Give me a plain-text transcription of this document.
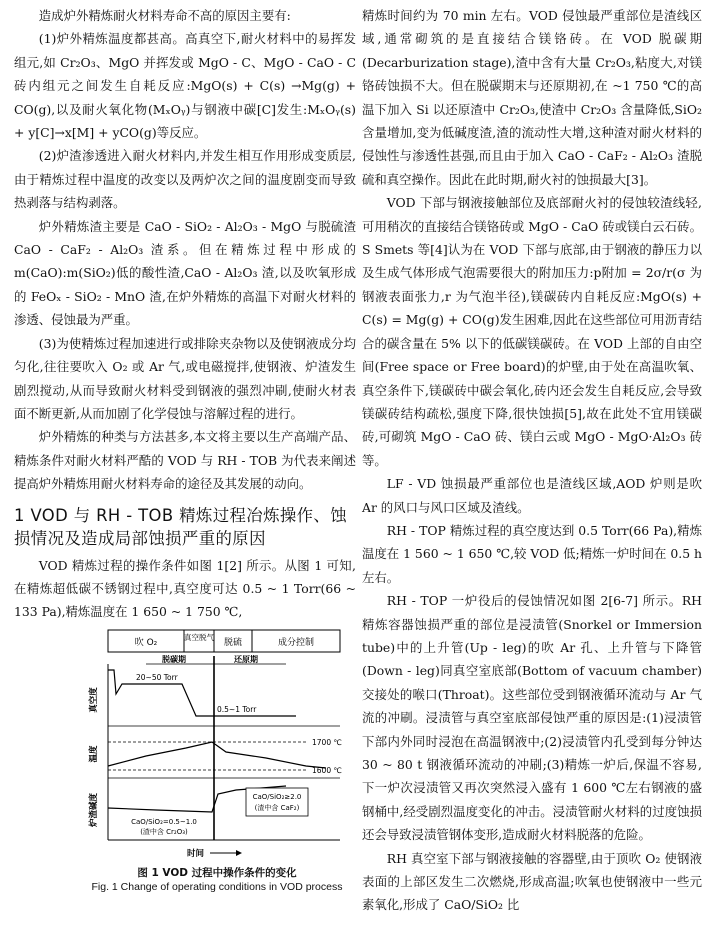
造成炉外精炼耐火材料寿命不高的原因主要有:

(1)炉外精炼温度都甚高。高真空下,耐火材料中的易挥发组元,如 Cr₂O₃、MgO 并挥发或 MgO - C、MgO - CaO - C 砖内组元之间发生自耗反应:MgO(s) + C(s) →Mg(g) + CO(g),以及耐火氧化物(MₓOᵧ)与钢液中碳[C]发生:MₓOᵧ(s) + y[C]→x[M] + yCO(g)等反应。

(2)炉渣渗透进入耐火材料内,并发生相互作用形成变质层,由于精炼过程中温度的改变以及两炉次之间的温度剧变而导致热剥落与结构剥落。

炉外精炼渣主要是 CaO - SiO₂ - Al₂O₃ - MgO 与脱硫渣 CaO - CaF₂ - Al₂O₃ 渣系。但在精炼过程中形成的 m(CaO):m(SiO₂)低的酸性渣,CaO - Al₂O₃ 渣,以及吹氧形成的 FeOₓ - SiO₂ - MnO 渣,在炉外精炼的高温下对耐火材料的渗透、侵蚀最为严重。

(3)为使精炼过程加速进行或排除夹杂物以及使钢液成分均匀化,往往要吹入 O₂ 或 Ar 气,或电磁搅拌,使钢液、炉渣发生剧烈搅动,从而导致耐火材料受到钢液的强烈冲刷,使耐火材表面不断更新,从而加剧了化学侵蚀与溶解过程的进行。

炉外精炼的种类与方法甚多,本文将主要以生产高端产品、精炼条件对耐火材料严酷的 VOD 与 RH - TOB 为代表来阐述提高炉外精炼用耐火材料寿命的途径及其发展的动向。

1 VOD 与 RH - TOB 精炼过程冶炼操作、蚀损情况及造成局部蚀损严重的原因

VOD 精炼过程的操作条件如图 1[2] 所示。从图 1 可知,在精炼超低碳不锈钢过程中,真空度可达 0.5 ~ 1 Torr(66 ~ 133 Pa),精炼温度在 1 650 ~ 1 750 ℃,

吹 O₂
真空脱气
脱硫	成分控制
脱碳期	还原期
真空度
温度
炉渣碱度
20~50 Torr
0.5~1 Torr
1700 ℃
1600 ℃
CaO/SiO₂=0.5~1.0
(渣中含 Cr₂O₃)
CaO/SiO₂≥2.0
(渣中含 CaF₂)
时间
图 1 VOD 过程中操作条件的变化
Fig. 1 Change of operating conditions in VOD process

精炼时间约为 70 min 左右。VOD 侵蚀最严重部位是渣线区域,通常砌筑的是直接结合镁铬砖。在 VOD 脱碳期(Decarburization stage),渣中含有大量 Cr₂O₃,粘度大,对镁铬砖蚀损不大。但在脱碳期末与还原期初,在 ~1 750 ℃的高温下加入 Si 以还原渣中 Cr₂O₃,使渣中 Cr₂O₃ 含量降低,SiO₂ 含量增加,变为低碱度渣,渣的流动性大增,这种渣对耐火材料的侵蚀性与渗透性甚强,而且由于加入 CaO - CaF₂ - Al₂O₃ 渣脱硫和真空操作。因此在此时期,耐火衬的蚀损最大[3]。

VOD 下部与钢液接触部位及底部耐火衬的侵蚀较渣线轻,可用稍次的直接结合镁铬砖或 MgO - CaO 砖或镁白云石砖。S Smets 等[4]认为在 VOD 下部与底部,由于钢液的静压力以及生成气体形成气泡需要很大的附加压力:p附加 = 2σ/r(σ 为钢液表面张力,r 为气泡半径),镁碳砖内自耗反应:MgO(s) + C(s) = Mg(g) + CO(g)发生困难,因此在这些部位可用沥青结合的碳含量在 5% 以下的低碳镁碳砖。在 VOD 上部的自由空间(Free space or Free board)的炉壁,由于处在高温吹氧、真空条件下,镁碳砖中碳会氧化,砖内还会发生自耗反应,会导致镁碳砖结构疏松,强度下降,很快蚀损[5],故在此处不宜用镁碳砖,可砌筑 MgO - CaO 砖、镁白云或 MgO - MgO·Al₂O₃ 砖等。

LF - VD 蚀损最严重部位也是渣线区域,AOD 炉则是吹 Ar 的风口与风口区域及渣线。

RH - TOP 精炼过程的真空度达到 0.5 Torr(66 Pa),精炼温度在 1 560 ~ 1 650 ℃,较 VOD 低;精炼一炉时间在 0.5 h 左右。

RH - TOP 一炉役后的侵蚀情况如图 2[6-7] 所示。RH 精炼容器蚀损严重的部位是浸渍管(Snorkel or Immersion tube)中的上升管(Up - leg)的吹 Ar 孔、上升管与下降管(Down - leg)同真空室底部(Bottom of vacuum chamber)交接处的喉口(Throat)。这些部位受到钢液循环流动与 Ar 气流的冲刷。浸渍管与真空室底部侵蚀严重的原因是:(1)浸渍管下部内外同时浸泡在高温钢液中;(2)浸渍管内孔受到每分钟达 30 ~ 80 t 钢液循环流动的冲刷;(3)精炼一炉后,保温不容易,下一炉次浸渍管又再次突然浸入盛有 1 600 ℃左右钢液的盛钢桶中,经受剧烈温度变化的冲击。浸渍管耐火材料的过度蚀损还会导致浸渍管钢体变形,造成耐火材料脱落的危险。

RH 真空室下部与钢液接触的容器壁,由于顶吹 O₂ 使钢液表面的上部区发生二次燃烧,形成高温;吹氧也使钢液中一些元素氧化,形成了 CaO/SiO₂ 比
